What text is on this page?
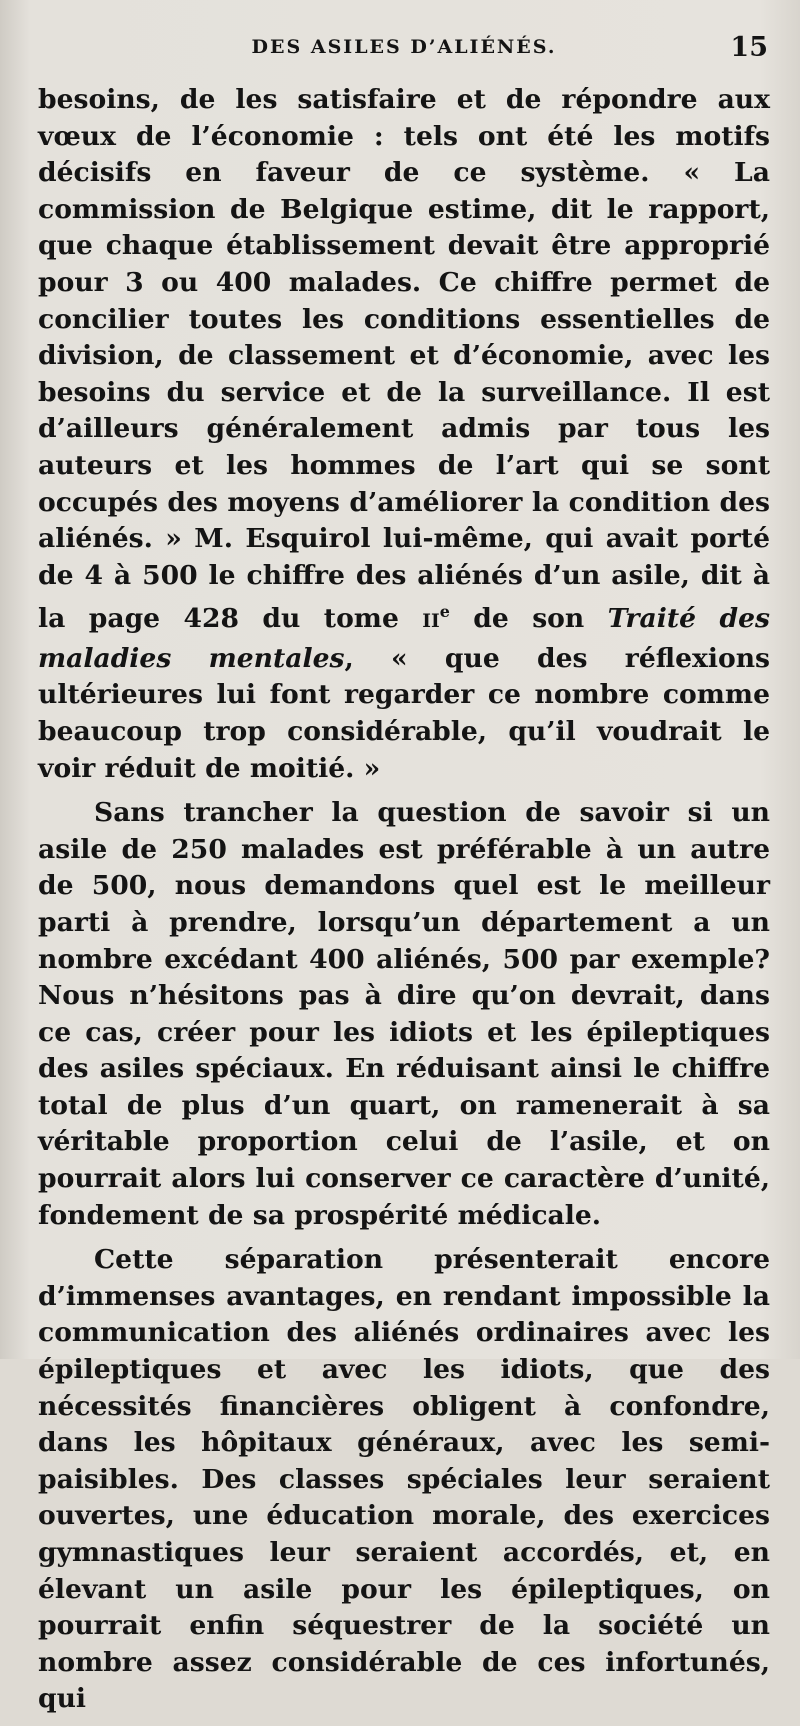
DES ASILES D’ALIÉNÉS.	15

besoins, de les satisfaire et de répondre aux vœux de l’économie : tels ont été les motifs décisifs en faveur de ce système. « La commission de Belgique estime, dit le rapport, que chaque établissement devait être approprié pour 3 ou 400 malades. Ce chiffre permet de concilier toutes les conditions essentielles de division, de classement et d’économie, avec les besoins du service et de la surveillance. Il est d’ailleurs généralement admis par tous les auteurs et les hommes de l’art qui se sont occupés des moyens d’améliorer la condition des aliénés. » M. Esquirol lui-même, qui avait porté de 4 à 500 le chiffre des aliénés d’un asile, dit à la page 428 du tome IIe de son Traité des maladies mentales, « que des réflexions ultérieures lui font regarder ce nombre comme beaucoup trop considérable, qu’il voudrait le voir réduit de moitié. »

Sans trancher la question de savoir si un asile de 250 malades est préférable à un autre de 500, nous demandons quel est le meilleur parti à prendre, lorsqu’un département a un nombre excédant 400 aliénés, 500 par exemple? Nous n’hésitons pas à dire qu’on devrait, dans ce cas, créer pour les idiots et les épileptiques des asiles spéciaux. En réduisant ainsi le chiffre total de plus d’un quart, on ramenerait à sa véritable proportion celui de l’asile, et on pourrait alors lui conserver ce caractère d’unité, fondement de sa prospérité médicale.

Cette séparation présenterait encore d’immenses avantages, en rendant impossible la communication des aliénés ordinaires avec les épileptiques et avec les idiots, que des nécessités financières obligent à confondre, dans les hôpitaux généraux, avec les semi-paisibles. Des classes spéciales leur seraient ouvertes, une éducation morale, des exercices gymnastiques leur seraient accordés, et, en élevant un asile pour les épileptiques, on pourrait enfin séquestrer de la société un nombre assez considérable de ces infortunés, qui
